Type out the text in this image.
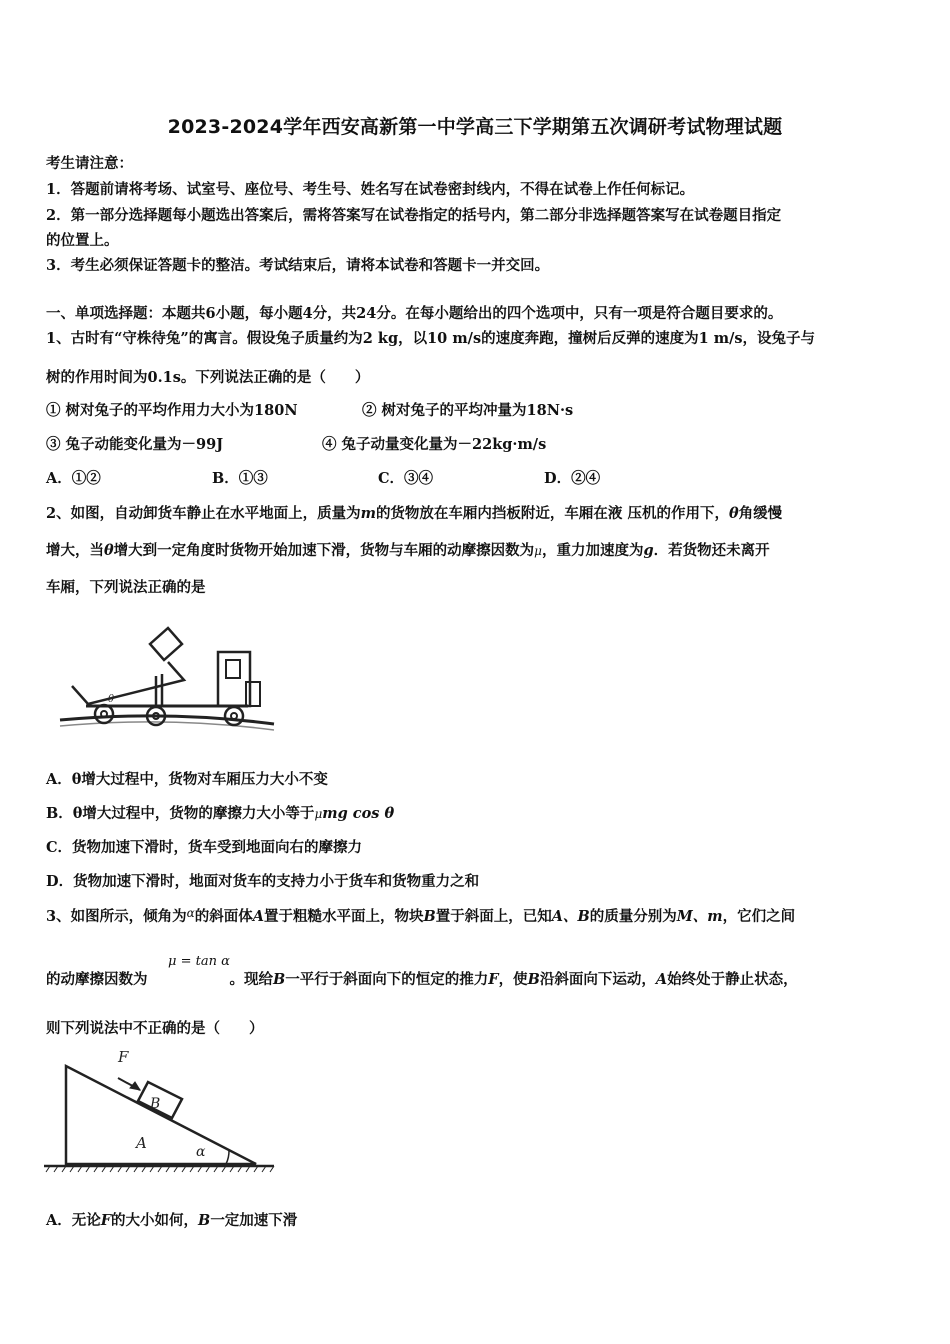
2023-2024学年西安高新第一中学高三下学期第五次调研考试物理试题
考生请注意：
1．答题前请将考场、试室号、座位号、考生号、姓名写在试卷密封线内，不得在试卷上作任何标记。
2．第一部分选择题每小题选出答案后，需将答案写在试卷指定的括号内，第二部分非选择题答案写在试卷题目指定
的位置上。
3．考生必须保证答题卡的整洁。考试结束后，请将本试卷和答题卡一并交回。
一、单项选择题：本题共6小题，每小题4分，共24分。在每小题给出的四个选项中，只有一项是符合题目要求的。
1、古时有“守株待兔”的寓言。假设兔子质量约为2 kg，以10 m/s的速度奔跑，撞树后反弹的速度为1 m/s，设兔子与
树的作用时间为0.1s。下列说法正确的是（　　）
① 树对兔子的平均作用力大小为180N	② 树对兔子的平均冲量为18N·s
③ 兔子动能变化量为－99J	④ 兔子动量变化量为－22kg·m/s
A．①②	B．①③	C．③④	D．②④
2、如图，自动卸货车静止在水平地面上，质量为m的货物放在车厢内挡板附近，车厢在液 压机的作用下，θ角缓慢
增大，当θ增大到一定角度时货物开始加速下滑，货物与车厢的动摩擦因数为μ，重力加速度为g．若货物还未离开
车厢，下列说法正确的是
θ
A．θ增大过程中，货物对车厢压力大小不变
B．θ增大过程中，货物的摩擦力大小等于μmg cos θ
C．货物加速下滑时，货车受到地面向右的摩擦力
D．货物加速下滑时，地面对货车的支持力小于货车和货物重力之和
3、如图所示，倾角为$^\alpha$的斜面体A置于粗糙水平面上，物块B置于斜面上，已知A、B的质量分别为M、m，它们之间
μ = tan α
的动摩擦因数为	。现给B一平行于斜面向下的恒定的推力F，使B沿斜面向下运动，A始终处于静止状态，
则下列说法中不正确的是（　　）
F
B
A	α
A．无论F的大小如何，B一定加速下滑
